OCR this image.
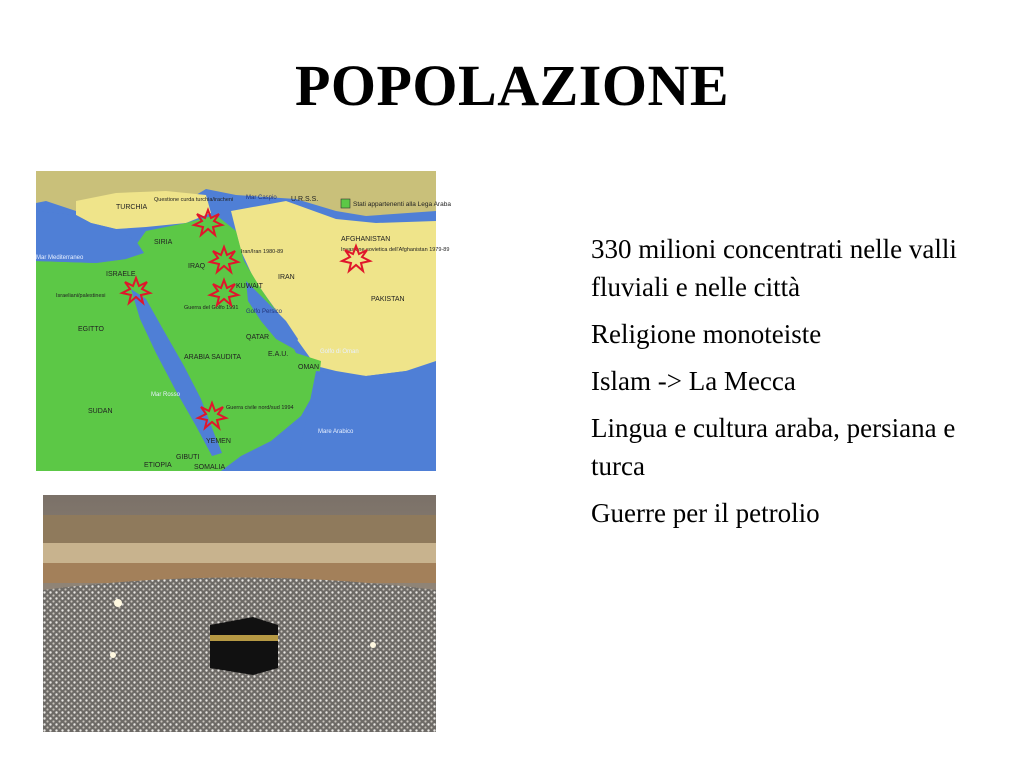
POPOLAZIONE
Stati appartenenti alla Lega Araba
TURCHIA
SIRIA
IRAQ
IRAN
ISRAELE
KUWAIT
EGITTO
QATAR
E.A.U.
ARABIA SAUDITA
OMAN
SUDAN
YEMEN
GIBUTI
ETIOPIA	SOMALIA
AFGHANISTAN
PAKISTAN
U.R.S.S.
Mar Mediterraneo
Mar Caspio
Mar Rosso
Mare Arabico
Golfo Persico
Golfo di Oman
Questione curda turchia/iracheni
Iran/Iran 1980-89
Guerra del Golfo 1991
Israeliani/palestinesi
Invasione sovietica dell'Afghanistan 1979-89
Guerra civile nord/sud 1994

330 milioni concentrati nelle valli fluviali e nelle città

Religione monoteiste

Islam -> La Mecca

Lingua e cultura araba, persiana e turca

Guerre per il petrolio
